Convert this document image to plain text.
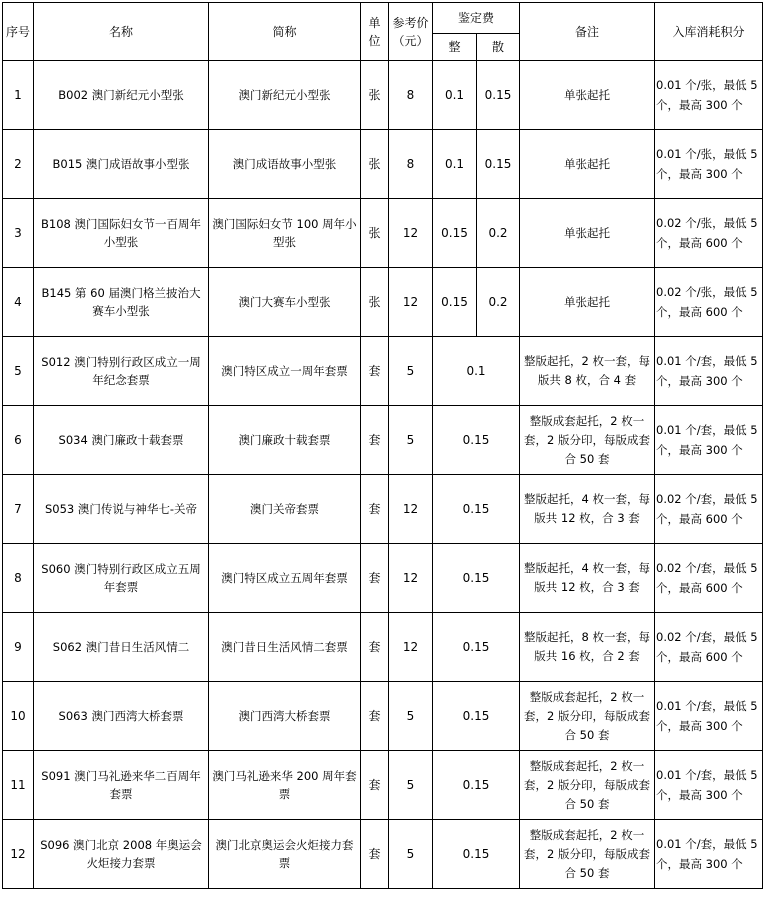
序号	名称	简称	单位	参考价（元）	鉴定费		备注	入库消耗积分
					整	散		
1	B002 澳门新纪元小型张	澳门新纪元小型张	张	8	0.1	0.15	单张起托	0.01 个/张，最低 5 个，最高 300 个
2	B015 澳门成语故事小型张	澳门成语故事小型张	张	8	0.1	0.15	单张起托	0.01 个/张，最低 5 个，最高 300 个
3	B108 澳门国际妇女节一百周年小型张	澳门国际妇女节 100 周年小型张	张	12	0.15	0.2	单张起托	0.02 个/张，最低 5 个，最高 600 个
4	B145 第 60 届澳门格兰披治大赛车小型张	澳门大赛车小型张	张	12	0.15	0.2	单张起托	0.02 个/张，最低 5 个，最高 600 个
5	S012 澳门特别行政区成立一周年纪念套票	澳门特区成立一周年套票	套	5	0.1		整版起托，2 枚一套，每版共 8 枚，合 4 套	0.01 个/套，最低 5 个，最高 300 个
6	S034 澳门廉政十载套票	澳门廉政十载套票	套	5	0.15		整版成套起托，2 枚一套，2 版分印，每版成套合 50 套	0.01 个/套，最低 5 个，最高 300 个
7	S053 澳门传说与神华七-关帝	澳门关帝套票	套	12	0.15		整版起托，4 枚一套，每版共 12 枚，合 3 套	0.02 个/套，最低 5 个，最高 600 个
8	S060 澳门特别行政区成立五周年套票	澳门特区成立五周年套票	套	12	0.15		整版起托，4 枚一套，每版共 12 枚，合 3 套	0.02 个/套，最低 5 个，最高 600 个
9	S062 澳门昔日生活风情二	澳门昔日生活风情二套票	套	12	0.15		整版起托，8 枚一套，每版共 16 枚，合 2 套	0.02 个/套，最低 5 个，最高 600 个
10	S063 澳门西湾大桥套票	澳门西湾大桥套票	套	5	0.15		整版成套起托，2 枚一套，2 版分印，每版成套合 50 套	0.01 个/套，最低 5 个，最高 300 个
11	S091 澳门马礼逊来华二百周年套票	澳门马礼逊来华 200 周年套票	套	5	0.15		整版成套起托，2 枚一套，2 版分印，每版成套合 50 套	0.01 个/套，最低 5 个，最高 300 个
12	S096 澳门北京 2008 年奥运会火炬接力套票	澳门北京奥运会火炬接力套票	套	5	0.15		整版成套起托，2 枚一套，2 版分印，每版成套合 50 套	0.01 个/套，最低 5 个，最高 300 个
